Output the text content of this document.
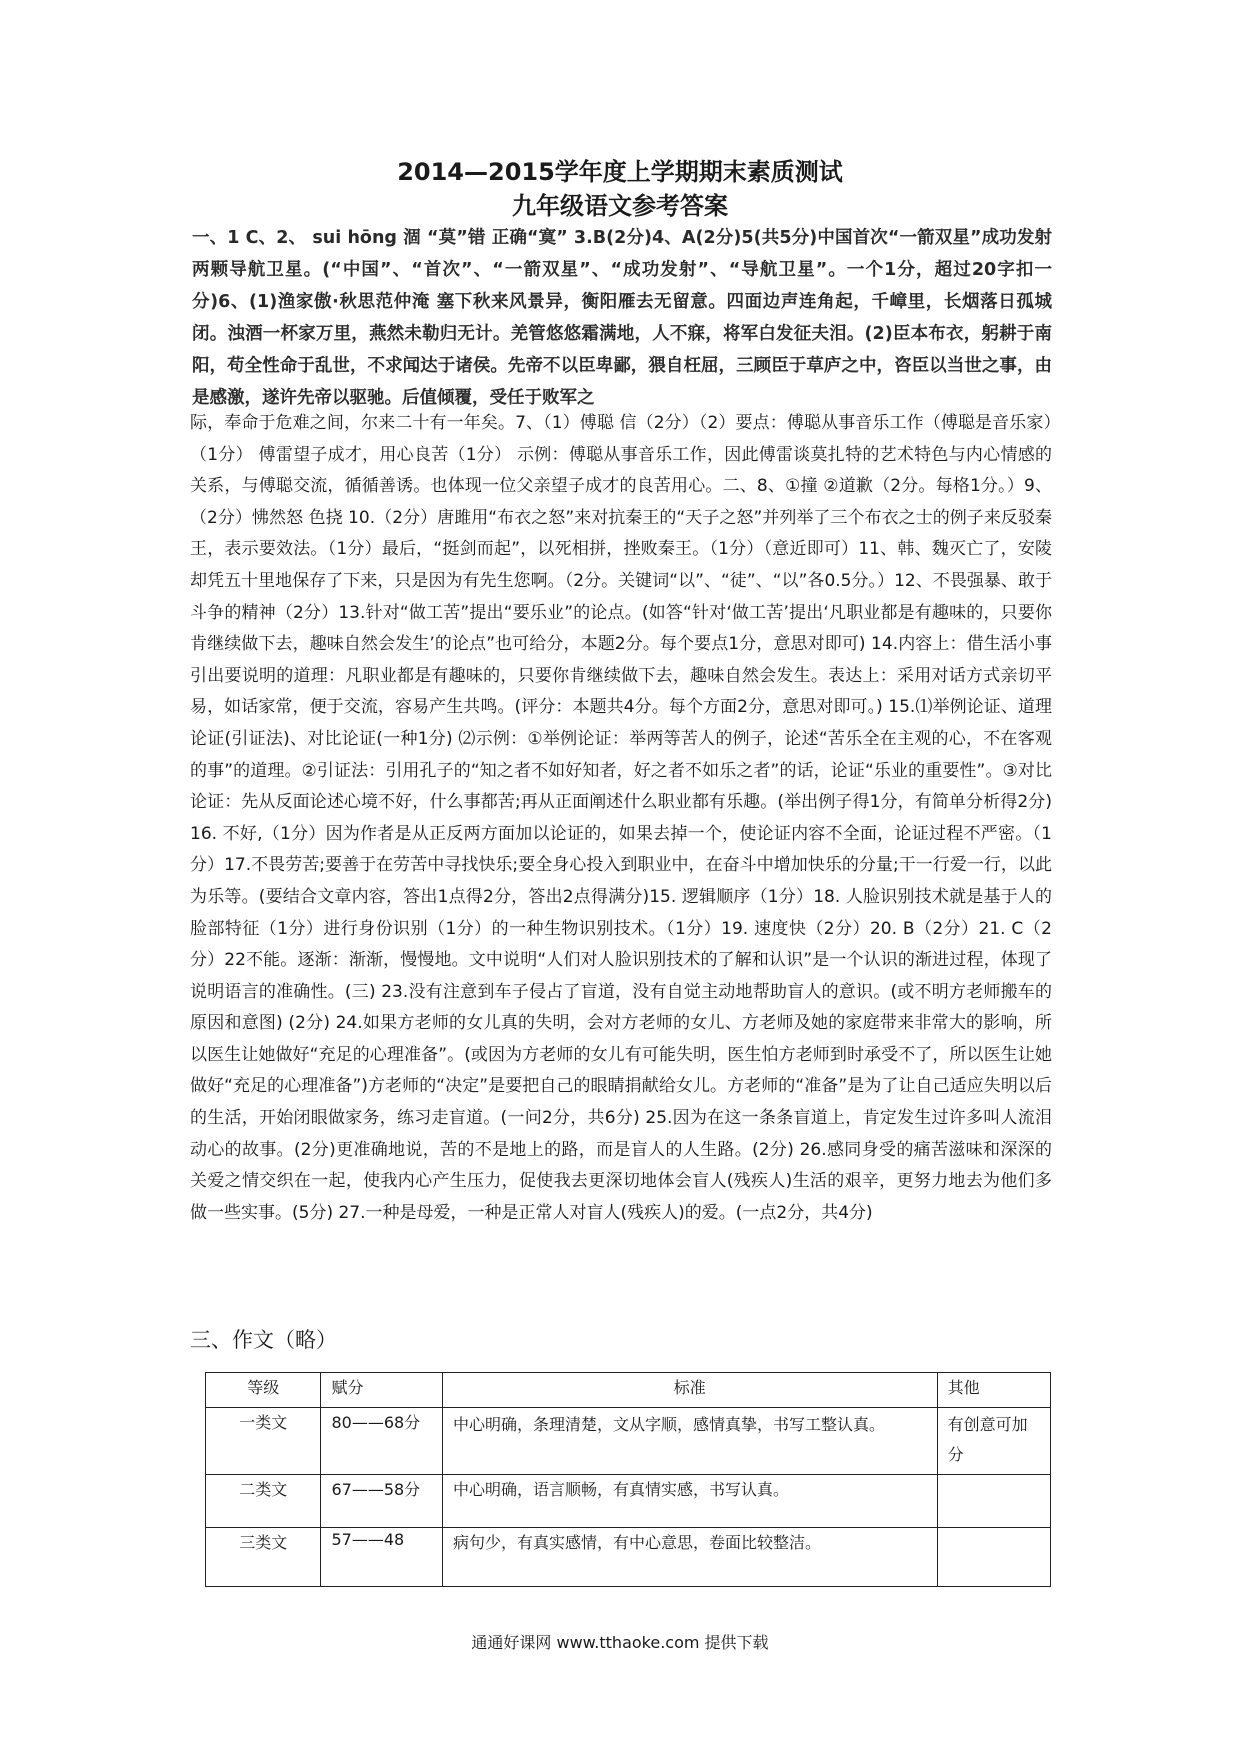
2014—2015学年度上学期期末素质测试
九年级语文参考答案

一、1 C、2、 sui hōng 涸 “莫”错 正确“寞” 3.B(2分)4、A(2分)5(共5分)中国首次“一箭双星”成功发射两颗导航卫星。(“中国”、“首次”、“一箭双星”、“成功发射”、“导航卫星”。一个1分，超过20字扣一分)6、(1)渔家傲·秋思范仲淹 塞下秋来风景异，衡阳雁去无留意。四面边声连角起，千嶂里，长烟落日孤城闭。浊酒一杯家万里，燕然未勒归无计。羌管悠悠霜满地，人不寐，将军白发征夫泪。(2)臣本布衣，躬耕于南阳，苟全性命于乱世，不求闻达于诸侯。先帝不以臣卑鄙，猥自枉屈，三顾臣于草庐之中，咨臣以当世之事，由是感激，遂许先帝以驱驰。后值倾覆，受任于败军之

际，奉命于危难之间，尔来二十有一年矣。7、（1）傅聪 信（2分）（2）要点：傅聪从事音乐工作（傅聪是音乐家）（1分） 傅雷望子成才，用心良苦（1分） 示例：傅聪从事音乐工作，因此傅雷谈莫扎特的艺术特色与内心情感的关系，与傅聪交流，循循善诱。也体现一位父亲望子成才的良苦用心。二、8、①撞 ②道歉（2分。每格1分。）9、（2分）怫然怒 色挠 10.（2分）唐雎用“布衣之怒”来对抗秦王的“天子之怒”并列举了三个布衣之士的例子来反驳秦王，表示要效法。（1分）最后，“挺剑而起”，以死相拼，挫败秦王。（1分）（意近即可）11、韩、魏灭亡了，安陵却凭五十里地保存了下来，只是因为有先生您啊。（2分。关键词“以”、“徒”、“以”各0.5分。）12、不畏强暴、敢于斗争的精神（2分）13.针对“做工苦”提出“要乐业”的论点。(如答“针对‘做工苦’提出‘凡职业都是有趣味的，只要你肯继续做下去，趣味自然会发生’的论点”也可给分，本题2分。每个要点1分，意思对即可) 14.内容上：借生活小事引出要说明的道理：凡职业都是有趣味的，只要你肯继续做下去，趣味自然会发生。表达上：采用对话方式亲切平易，如话家常，便于交流，容易产生共鸣。(评分：本题共4分。每个方面2分，意思对即可。) 15.⑴举例论证、道理论证(引证法)、对比论证(一种1分) ⑵示例：①举例论证：举两等苦人的例子，论述“苦乐全在主观的心，不在客观的事”的道理。②引证法：引用孔子的“知之者不如好知者，好之者不如乐之者”的话，论证“乐业的重要性”。③对比论证：先从反面论述心境不好，什么事都苦;再从正面阐述什么职业都有乐趣。(举出例子得1分，有简单分析得2分) 16. 不好,（1分）因为作者是从正反两方面加以论证的，如果去掉一个，使论证内容不全面，论证过程不严密。（1分）17.不畏劳苦;要善于在劳苦中寻找快乐;要全身心投入到职业中，在奋斗中增加快乐的分量;干一行爱一行，以此为乐等。(要结合文章内容，答出1点得2分，答出2点得满分)15. 逻辑顺序（1分）18. 人脸识别技术就是基于人的脸部特征（1分）进行身份识别（1分）的一种生物识别技术。（1分）19. 速度快（2分）20. B（2分）21. C（2分）22不能。逐渐：渐渐，慢慢地。文中说明“人们对人脸识别技术的了解和认识”是一个认识的渐进过程，体现了说明语言的准确性。(三) 23.没有注意到车子侵占了盲道，没有自觉主动地帮助盲人的意识。(或不明方老师搬车的原因和意图) (2分) 24.如果方老师的女儿真的失明，会对方老师的女儿、方老师及她的家庭带来非常大的影响，所以医生让她做好“充足的心理准备”。(或因为方老师的女儿有可能失明，医生怕方老师到时承受不了，所以医生让她做好“充足的心理准备”)方老师的“决定”是要把自己的眼睛捐献给女儿。方老师的“准备”是为了让自己适应失明以后的生活，开始闭眼做家务，练习走盲道。(一问2分，共6分) 25.因为在这一条条盲道上，肯定发生过许多叫人流泪动心的故事。(2分)更准确地说，苦的不是地上的路，而是盲人的人生路。(2分) 26.感同身受的痛苦滋味和深深的关爱之情交织在一起，使我内心产生压力，促使我去更深切地体会盲人(残疾人)生活的艰辛，更努力地去为他们多做一些实事。(5分) 27.一种是母爱，一种是正常人对盲人(残疾人)的爱。(一点2分，共4分)

三、作文（略）
等级	赋分	标准	其他
一类文	80——68分	中心明确，条理清楚，文从字顺，感情真挚，书写工整认真。	有创意可加分
二类文	67——58分	中心明确，语言顺畅，有真情实感，书写认真。	
三类文	57——48	病句少，有真实感情，有中心意思，卷面比较整洁。	

通通好课网 www.tthaoke.com 提供下载
